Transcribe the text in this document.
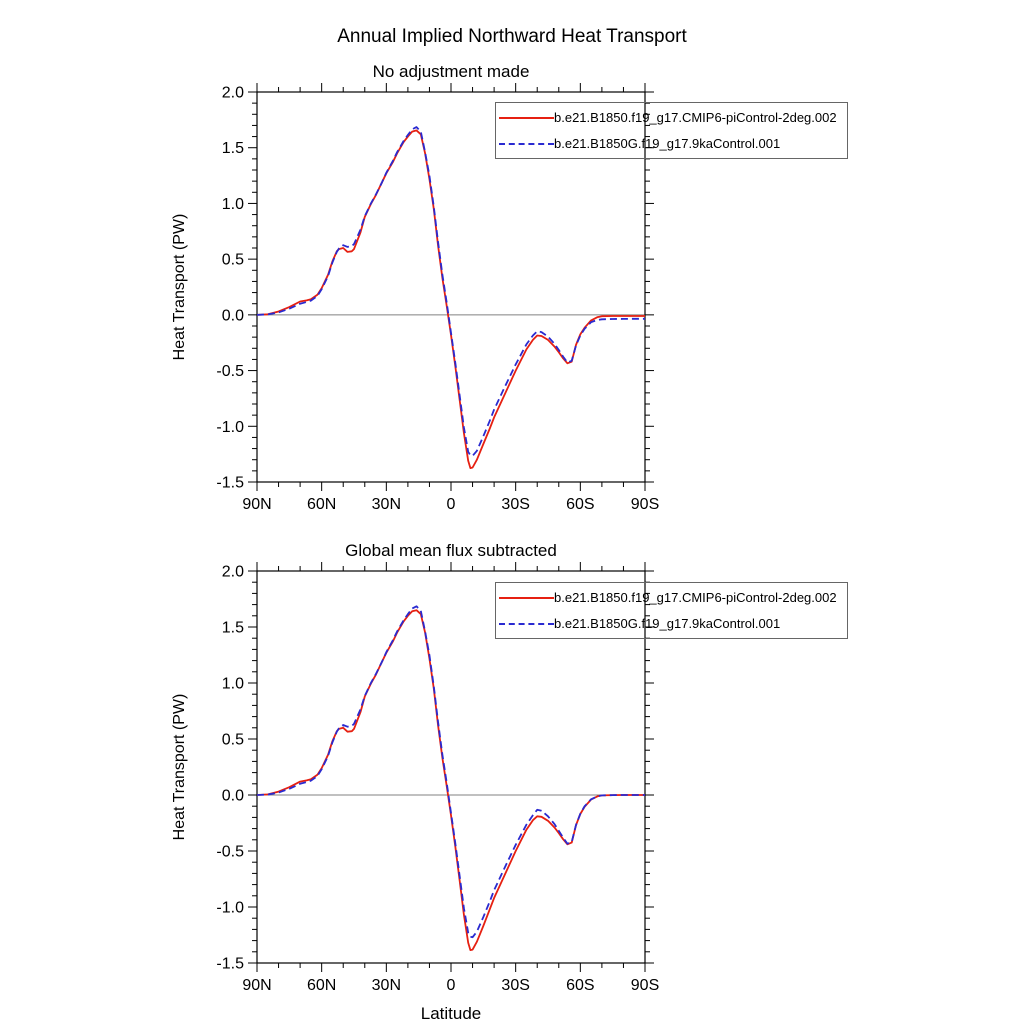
90N 60N 30N	0	30S 60S 90S
2.0
1.5
1.0
0.5
0.0
-0.5
-1.0
-1.5
90N 60N 30N	0	30S 60S 90S
2.0
1.5
1.0
0.5
0.0
-0.5
-1.0
-1.5
Annual Implied Northward Heat Transport
No adjustment made
Heat Transport (PW)
b.e21.B1850.f19_g17.CMIP6-piControl-2deg.002
b.e21.B1850G.f19_g17.9kaControl.001
Global mean flux subtracted
Heat Transport (PW)
b.e21.B1850.f19_g17.CMIP6-piControl-2deg.002
b.e21.B1850G.f19_g17.9kaControl.001
Latitude
